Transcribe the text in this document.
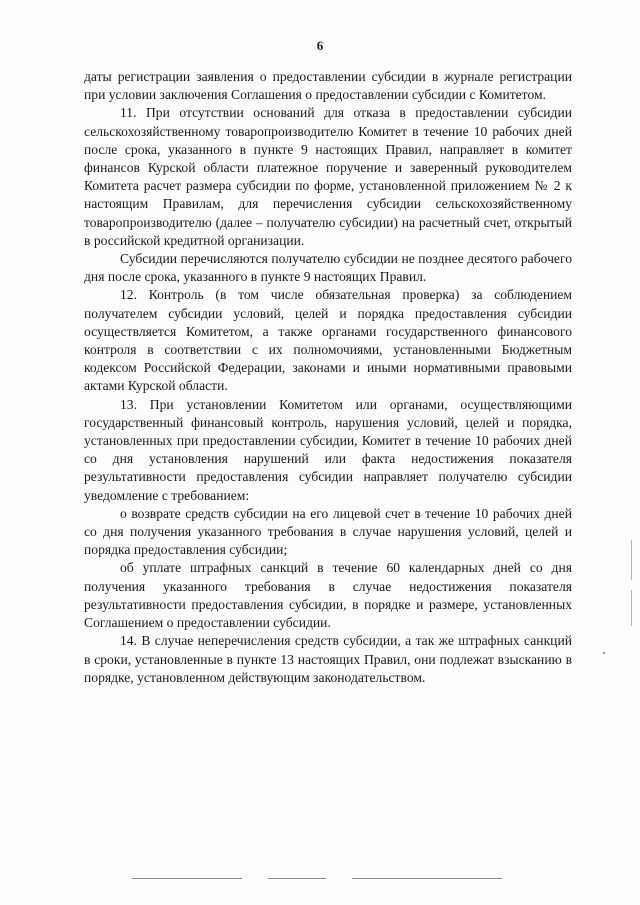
6

даты регистрации заявления о предоставлении субсидии в журнале регистрации при условии заключения Соглашения о предоставлении субсидии с Комитетом.

11. При отсутствии оснований для отказа в предоставлении субсидии сельскохозяйственному товаропроизводителю Комитет в течение 10 рабочих дней после срока, указанного в пункте 9 настоящих Правил, направляет в комитет финансов Курской области платежное поручение и заверенный руководителем Комитета расчет размера субсидии по форме, установленной приложением № 2 к настоящим Правилам, для перечисления субсидии сельскохозяйственному товаропроизводителю (далее – получателю субсидии) на расчетный счет, открытый в российской кредитной организации.

Субсидии перечисляются получателю субсидии не позднее десятого рабочего дня после срока, указанного в пункте 9 настоящих Правил.

12. Контроль (в том числе обязательная проверка) за соблюдением получателем субсидии условий, целей и порядка предоставления субсидии осуществляется Комитетом, а также органами государственного финансового контроля в соответствии с их полномочиями, установленными Бюджетным кодексом Российской Федерации, законами и иными нормативными правовыми актами Курской области.

13. При установлении Комитетом или органами, осуществляющими государственный финансовый контроль, нарушения условий, целей и порядка, установленных при предоставлении субсидии, Комитет в течение 10 рабочих дней со дня установления нарушений или факта недостижения показателя результативности предоставления субсидии направляет получателю субсидии уведомление с требованием:

о возврате средств субсидии на его лицевой счет в течение 10 рабочих дней со дня получения указанного требования в случае нарушения условий, целей и порядка предоставления субсидии;

об уплате штрафных санкций в течение 60 календарных дней со дня получения указанного требования в случае недостижения показателя результативности предоставления субсидии, в порядке и размере, установленных Соглашением о предоставлении субсидии.

14. В случае неперечисления средств субсидии, а так же штрафных санкций в сроки, установленные в пункте 13 настоящих Правил, они подлежат взысканию в порядке, установленном действующим законодательством.
